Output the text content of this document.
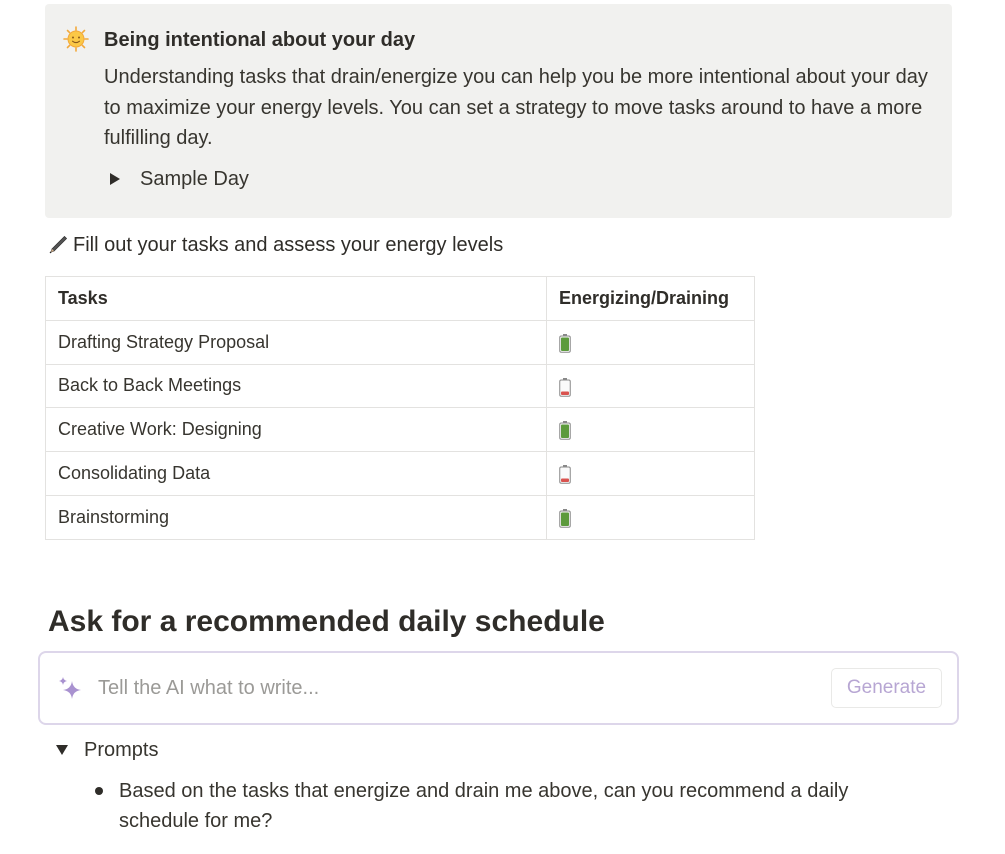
Being intentional about your day
Understanding tasks that drain/energize you can help you be more intentional about your day to maximize your energy levels. You can set a strategy to move tasks around to have a more fulfilling day.
Sample Day
Fill out your tasks and assess your energy levels
Tasks	Energizing/Draining
Drafting Strategy Proposal	
Back to Back Meetings	
Creative Work: Designing	
Consolidating Data	
Brainstorming	
Ask for a recommended daily schedule
Tell the AI what to write...
Generate
Prompts
Based on the tasks that energize and drain me above, can you recommend a daily schedule for me?
